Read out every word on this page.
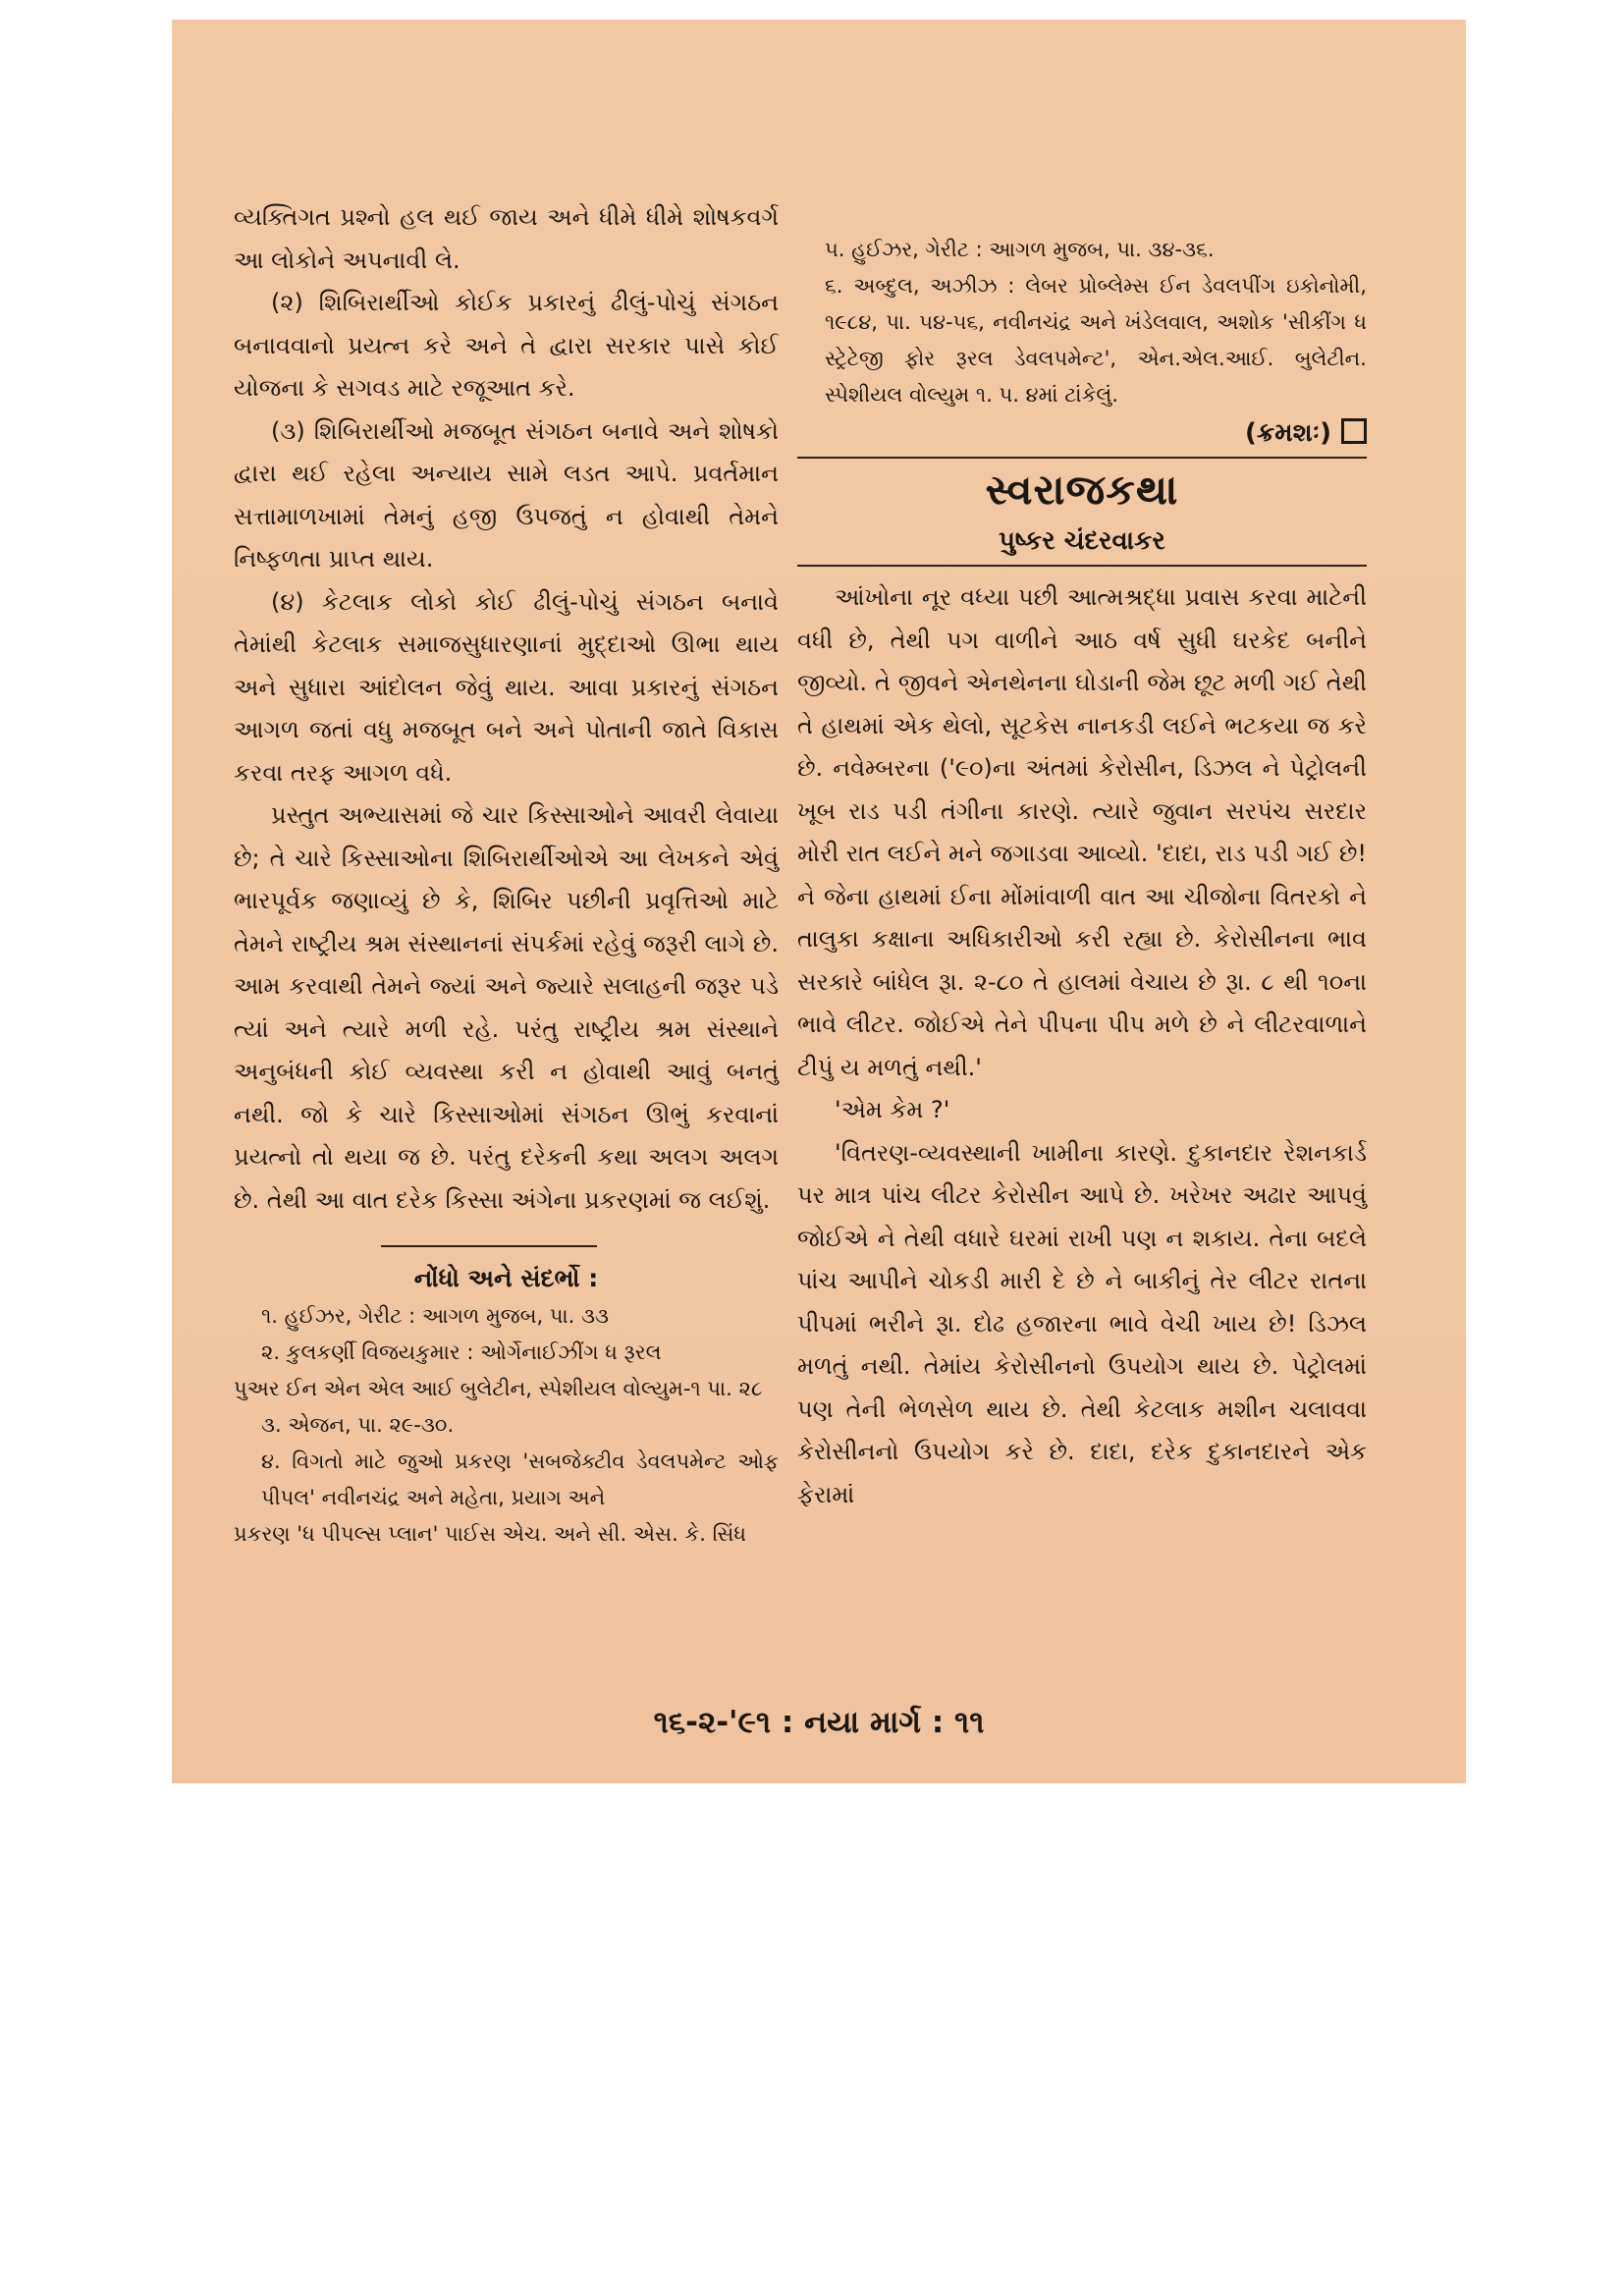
વ્યક્તિગત પ્રશ્નો હલ થઈ જાય અને ધીમે ધીમે શોષકવર્ગ આ લોકોને અપનાવી લે.

(૨) શિબિરાર્થીઓ કોઈક પ્રકારનું ઢીલું-પોચું સંગઠન બનાવવાનો પ્રયત્ન કરે અને તે દ્વારા સરકાર પાસે કોઈ યોજના કે સગવડ માટે રજૂઆત કરે.

(૩) શિબિરાર્થીઓ મજબૂત સંગઠન બનાવે અને શોષકો દ્વારા થઈ રહેલા અન્યાય સામે લડત આપે. પ્રવર્તમાન સત્તામાળખામાં તેમનું હજી ઉપજતું ન હોવાથી તેમને નિષ્ફળતા પ્રાપ્ત થાય.

(૪) કેટલાક લોકો કોઈ ઢીલું-પોચું સંગઠન બનાવે તેમાંથી કેટલાક સમાજસુધારણાનાં મુદ્દાઓ ઊભા થાય અને સુધારા આંદોલન જેવું થાય. આવા પ્રકારનું સંગઠન આગળ જતાં વધુ મજબૂત બને અને પોતાની જાતે વિકાસ કરવા તરફ આગળ વધે.

પ્રસ્તુત અભ્યાસમાં જે ચાર કિસ્સાઓને આવરી લેવાયા છે; તે ચારે કિસ્સાઓના શિબિરાર્થીઓએ આ લેખકને એવું ભારપૂર્વક જણાવ્યું છે કે, શિબિર પછીની પ્રવૃત્તિઓ માટે તેમને રાષ્ટ્રીય શ્રમ સંસ્થાનનાં સંપર્કમાં રહેવું જરૂરી લાગે છે. આમ કરવાથી તેમને જ્યાં અને જ્યારે સલાહની જરૂર પડે ત્યાં અને ત્યારે મળી રહે. પરંતુ રાષ્ટ્રીય શ્રમ સંસ્થાને અનુબંધની કોઈ વ્યવસ્થા કરી ન હોવાથી આવું બનતું નથી. જો કે ચારે કિસ્સાઓમાં સંગઠન ઊભું કરવાનાં પ્રયત્નો તો થયા જ છે. પરંતુ દરેકની કથા અલગ અલગ છે. તેથી આ વાત દરેક કિસ્સા અંગેના પ્રકરણમાં જ લઈશું.

નોંધો અને સંદર્ભો :

૧. હુઈઝર, ગેરીટ : આગળ મુજબ, પા. ૩૩

૨. કુલકર્ણી વિજયકુમાર : ઓર્ગેનાઈઝીંગ ધ રૂરલ

પુઅર ઈન એન એલ આઈ બુલેટીન, સ્પેશીયલ વોલ્યુમ-૧ પા. ૨૮

૩. એજન, પા. ૨૯-૩૦.

૪. વિગતો માટે જુઓ પ્રકરણ 'સબજેક્ટીવ ડેવલપમેન્ટ ઓફ પીપલ' નવીનચંદ્ર અને મહેતા, પ્રયાગ અને

પ્રકરણ 'ધ પીપલ્સ પ્લાન' પાઈસ એચ. અને સી. એસ. કે. સિંધ

૫. હુઈઝર, ગેરીટ : આગળ મુજબ, પા. ૩૪-૩૬.

૬. અબ્દુલ, અઝીઝ : લેબર પ્રોબ્લેમ્સ ઈન ડેવલપીંગ ઇકોનોમી, ૧૯૮૪, પા. ૫૪-૫૬, નવીનચંદ્ર અને ખંડેલવાલ, અશોક 'સીકીંગ ધ સ્ટ્રેટેજી ફોર રૂરલ ડેવલપમેન્ટ', એન.એલ.આઈ. બુલેટીન. સ્પેશીયલ વોલ્યુમ ૧. પ. ૪માં ટાંકેલું.

(ક્રમશઃ)

સ્વરાજકથા

પુષ્કર ચંદરવાકર

આંખોના નૂર વધ્યા પછી આત્મશ્રદ્ધા પ્રવાસ કરવા માટેની વધી છે, તેથી પગ વાળીને આઠ વર્ષ સુધી ઘરકેદ બનીને જીવ્યો. તે જીવને એનથેનના ઘોડાની જેમ છૂટ મળી ગઈ તેથી તે હાથમાં એક થેલો, સૂટકેસ નાનકડી લઈને ભટકયા જ કરે છે. નવેમ્બરના ('૯૦)ના અંતમાં કેરોસીન, ડિઝલ ને પેટ્રોલની ખૂબ રાડ પડી તંગીના કારણે. ત્યારે જુવાન સરપંચ સરદાર મોરી રાત લઈને મને જગાડવા આવ્યો. 'દાદા, રાડ પડી ગઈ છે! ને જેના હાથમાં ઈના મોંમાંવાળી વાત આ ચીજોના વિતરકો ને તાલુકા કક્ષાના અધિકારીઓ કરી રહ્યા છે. કેરોસીનના ભાવ સરકારે બાંધેલ રૂા. ૨-૮૦ તે હાલમાં વેચાય છે રૂા. ૮ થી ૧૦ના ભાવે લીટર. જોઈએ તેને પીપના પીપ મળે છે ને લીટરવાળાને ટીપું ય મળતું નથી.'

'એમ કેમ ?'

'વિતરણ-વ્યવસ્થાની ખામીના કારણે. દુકાનદાર રેશનકાર્ડ પર માત્ર પાંચ લીટર કેરોસીન આપે છે. ખરેખર અઢાર આપવું જોઈએ ને તેથી વધારે ઘરમાં રાખી પણ ન શકાય. તેના બદલે પાંચ આપીને ચોકડી મારી દે છે ને બાકીનું તેર લીટર રાતના પીપમાં ભરીને રૂા. દોઢ હજારના ભાવે વેચી ખાય છે! ડિઝલ મળતું નથી. તેમાંય કેરોસીનનો ઉપયોગ થાય છે. પેટ્રોલમાં પણ તેની ભેળસેળ થાય છે. તેથી કેટલાક મશીન ચલાવવા કેરોસીનનો ઉપયોગ કરે છે. દાદા, દરેક દુકાનદારને એક ફેરામાં

૧૬-૨-'૯૧ : નયા માર્ગ : ૧૧
